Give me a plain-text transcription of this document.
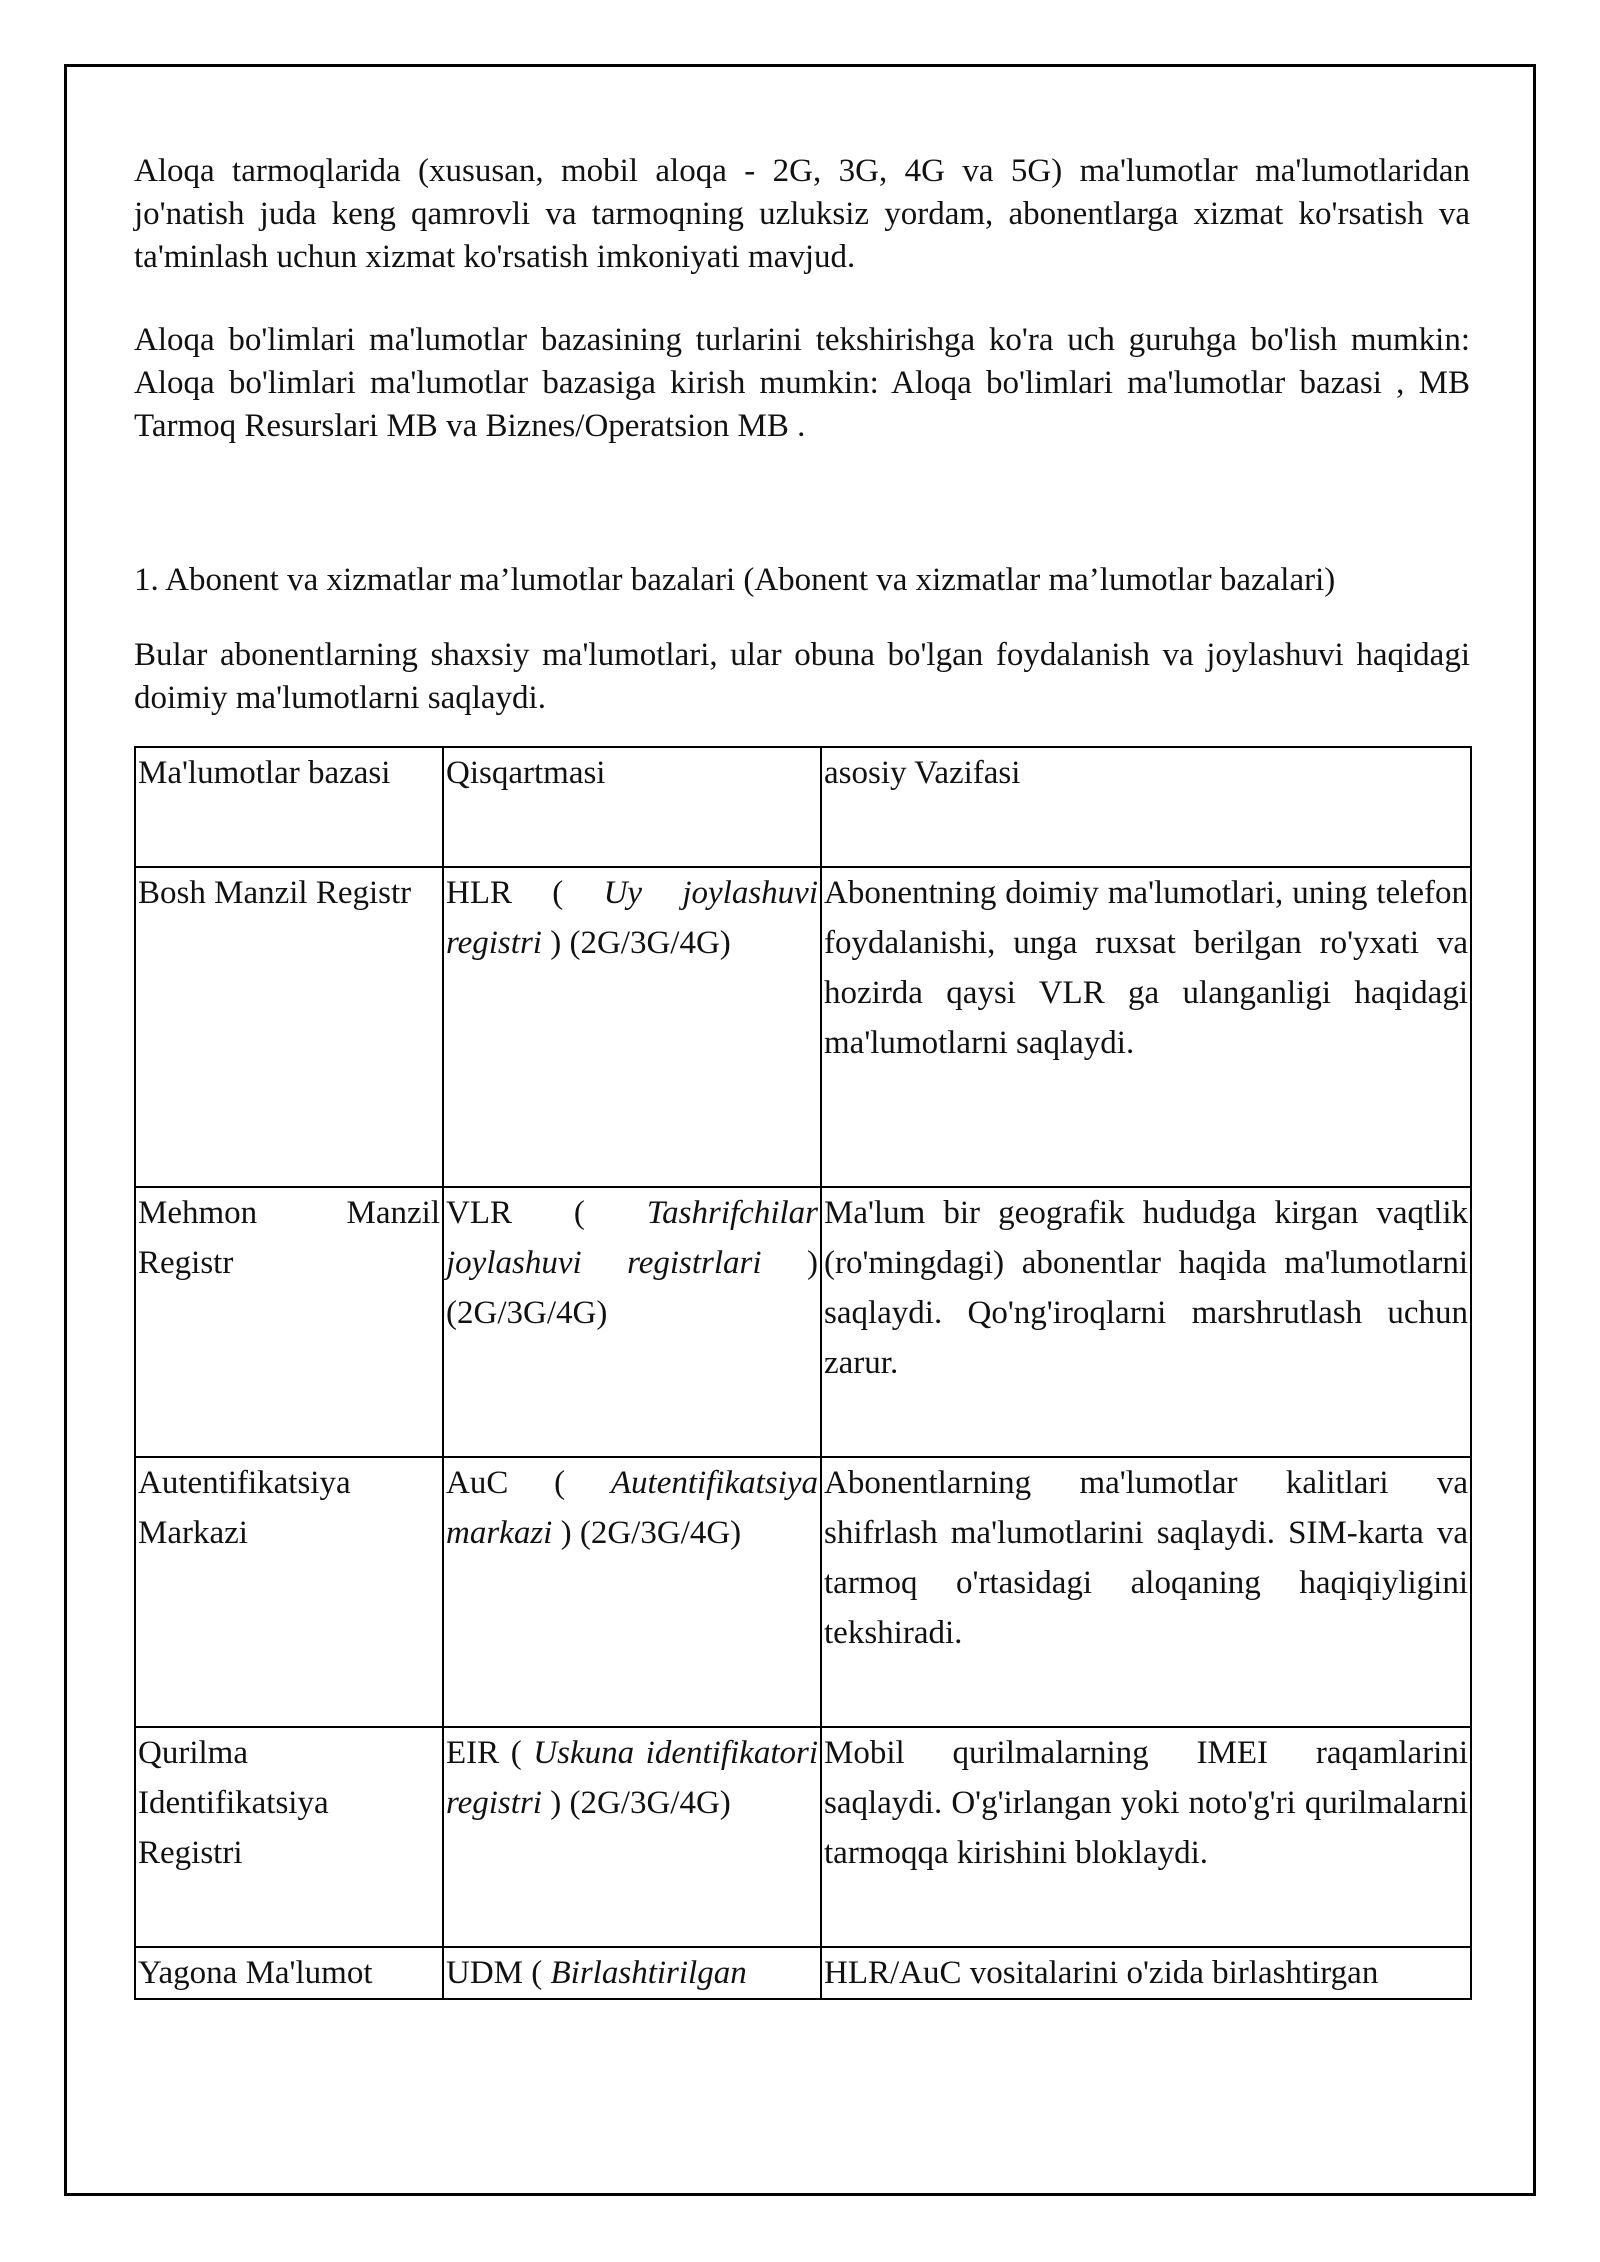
Aloqa tarmoqlarida (xususan, mobil aloqa - 2G, 3G, 4G va 5G) ma'lumotlar ma'lumotlaridan jo'natish juda keng qamrovli va tarmoqning uzluksiz yordam, abonentlarga xizmat ko'rsatish va ta'minlash uchun xizmat ko'rsatish imkoniyati mavjud.

Aloqa bo'limlari ma'lumotlar bazasining turlarini tekshirishga ko'ra uch guruhga bo'lish mumkin: Aloqa bo'limlari ma'lumotlar bazasiga kirish mumkin: Aloqa bo'limlari ma'lumotlar bazasi , MB Tarmoq Resurslari MB va Biznes/Operatsion MB .

1. Abonent va xizmatlar ma’lumotlar bazalari (Abonent va xizmatlar ma’lumotlar bazalari)

Bular abonentlarning shaxsiy ma'lumotlari, ular obuna bo'lgan foydalanish va joylashuvi haqidagi doimiy ma'lumotlarni saqlaydi.

Ma'lumotlar bazasi	Qisqartmasi	asosiy Vazifasi
Bosh Manzil Registr	HLR ( Uy joylashuvi registri ) (2G/3G/4G)	Abonentning doimiy ma'lumotlari, uning telefon foydalanishi, unga ruxsat berilgan ro'yxati va hozirda qaysi VLR ga ulanganligi haqidagi ma'lumotlarni saqlaydi.
Mehmon Manzil Registr	VLR ( Tashrifchilar joylashuvi registrlari ) (2G/3G/4G)	Ma'lum bir geografik hududga kirgan vaqtlik (ro'mingdagi) abonentlar haqida ma'lumotlarni saqlaydi. Qo'ng'iroqlarni marshrutlash uchun zarur.
Autentifikatsiya Markazi	AuC ( Autentifikatsiya markazi ) (2G/3G/4G)	Abonentlarning ma'lumotlar kalitlari va shifrlash ma'lumotlarini saqlaydi. SIM-karta va tarmoq o'rtasidagi aloqaning haqiqiyligini tekshiradi.
Qurilma Identifikatsiya Registri	EIR ( Uskuna identifikatori registri ) (2G/3G/4G)	Mobil qurilmalarning IMEI raqamlarini saqlaydi. O'g'irlangan yoki noto'g'ri qurilmalarni tarmoqqa kirishini bloklaydi.
Yagona Ma'lumot	UDM ( Birlashtirilgan	HLR/AuC vositalarini o'zida birlashtirgan
